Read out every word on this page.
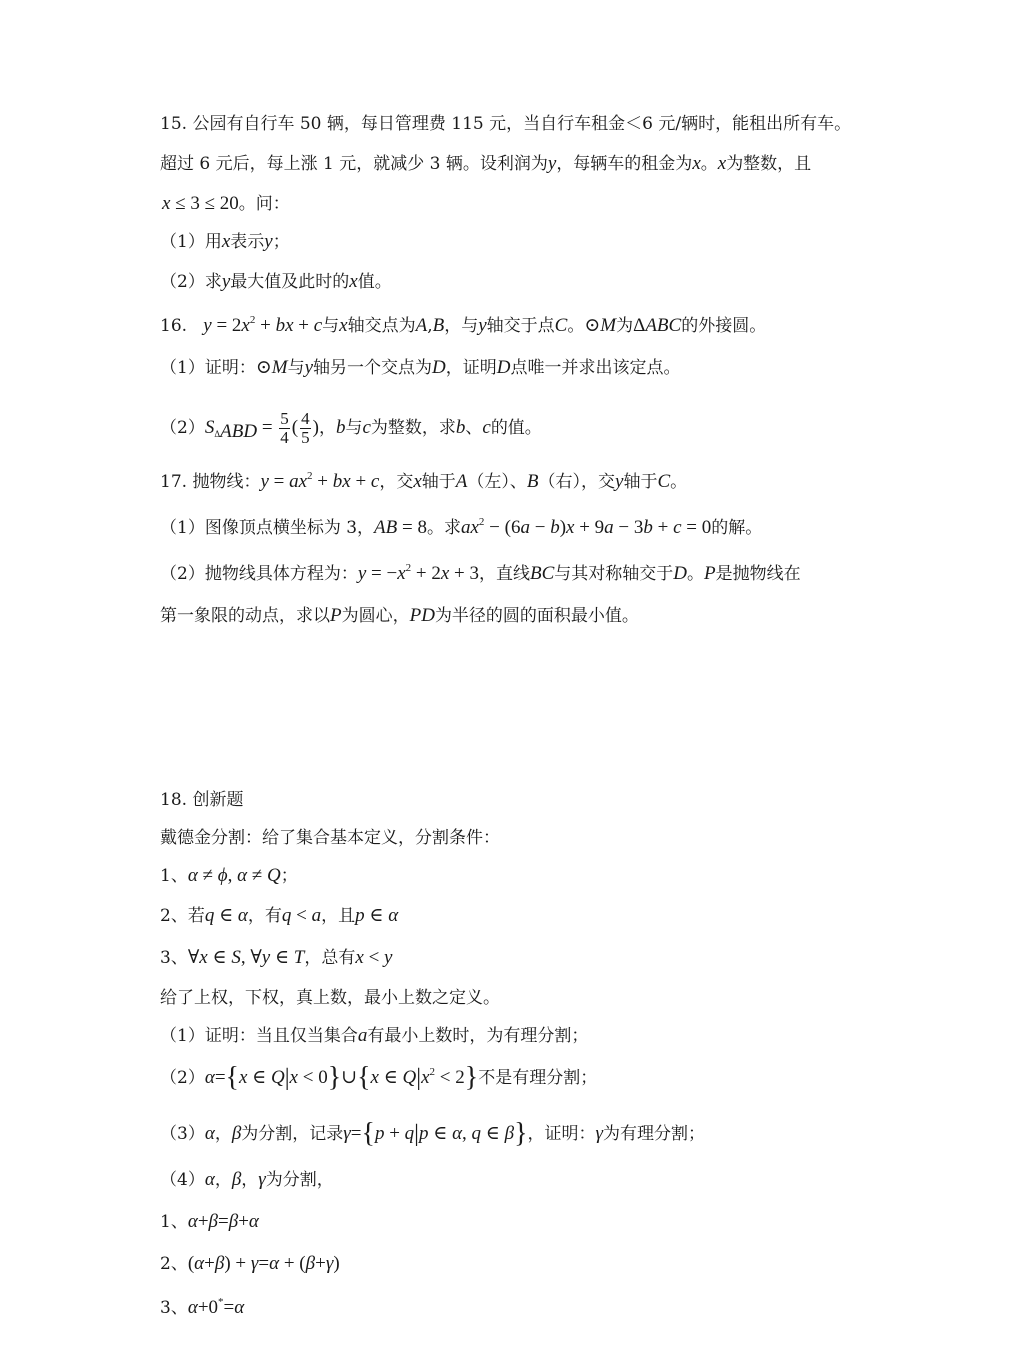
15. 公园有自行车 50 辆，每日管理费 115 元，当自行车租金＜6 元/辆时，能租出所有车。
超过 6 元后，每上涨 1 元，就减少 3 辆。设利润为y，每辆车的租金为x。x为整数，且
x ≤ 3 ≤ 20。问：
（1）用x表示y；
（2）求y最大值及此时的x值。
16. $y = 2x^2$ + bx + c与x轴交点为A,B，与y轴交于点C。⊙M为ΔABC的外接圆。
（1）证明：⊙M与y轴另一个交点为D，证明D点唯一并求出该定点。
$(2)S_{\Delta ABD} = \frac{5}{4}$ ( $\frac{4}{5}$ )，b与c为整数，求b、c的值。
17. 抛物线：$y = ax^2$ + bx + c，交x轴于A（左）、B（右），交y轴于C。
（1）图像顶点横坐标为 3，AB = 8。求$ax^2 - (6a - b)x + 9a - 3b + c = 0$的解。
（2）抛物线具体方程为：$y = -x^2 + 2x + 3$，直线BC与其对称轴交于D。P是抛物线在
第一象限的动点，求以P为圆心，PD为半径的圆的面积最小值。
18. 创新题
戴德金分割：给了集合基本定义，分割条件：
1、α ≠ ϕ, α ≠ Q；
2、若q ∈ α，有q < a，且p ∈ α
3、∀x ∈ S, ∀y ∈ T，总有x < y
给了上权，下权，真上数，最小上数之定义。
（1）证明：当且仅当集合a有最小上数时，为有理分割；
（2）α={x ∈ Q|x < 0}∪{x ∈ $Q|x^2 < 2$}不是有理分割；
（3）α，β为分割，记录γ={p + q|p ∈ α, q ∈ β}，证明：γ为有理分割；
（4）α，β，γ为分割，
1、α+β=β+α
2、(α+β) + γ=α + (β+γ)
3、α+0*=α
